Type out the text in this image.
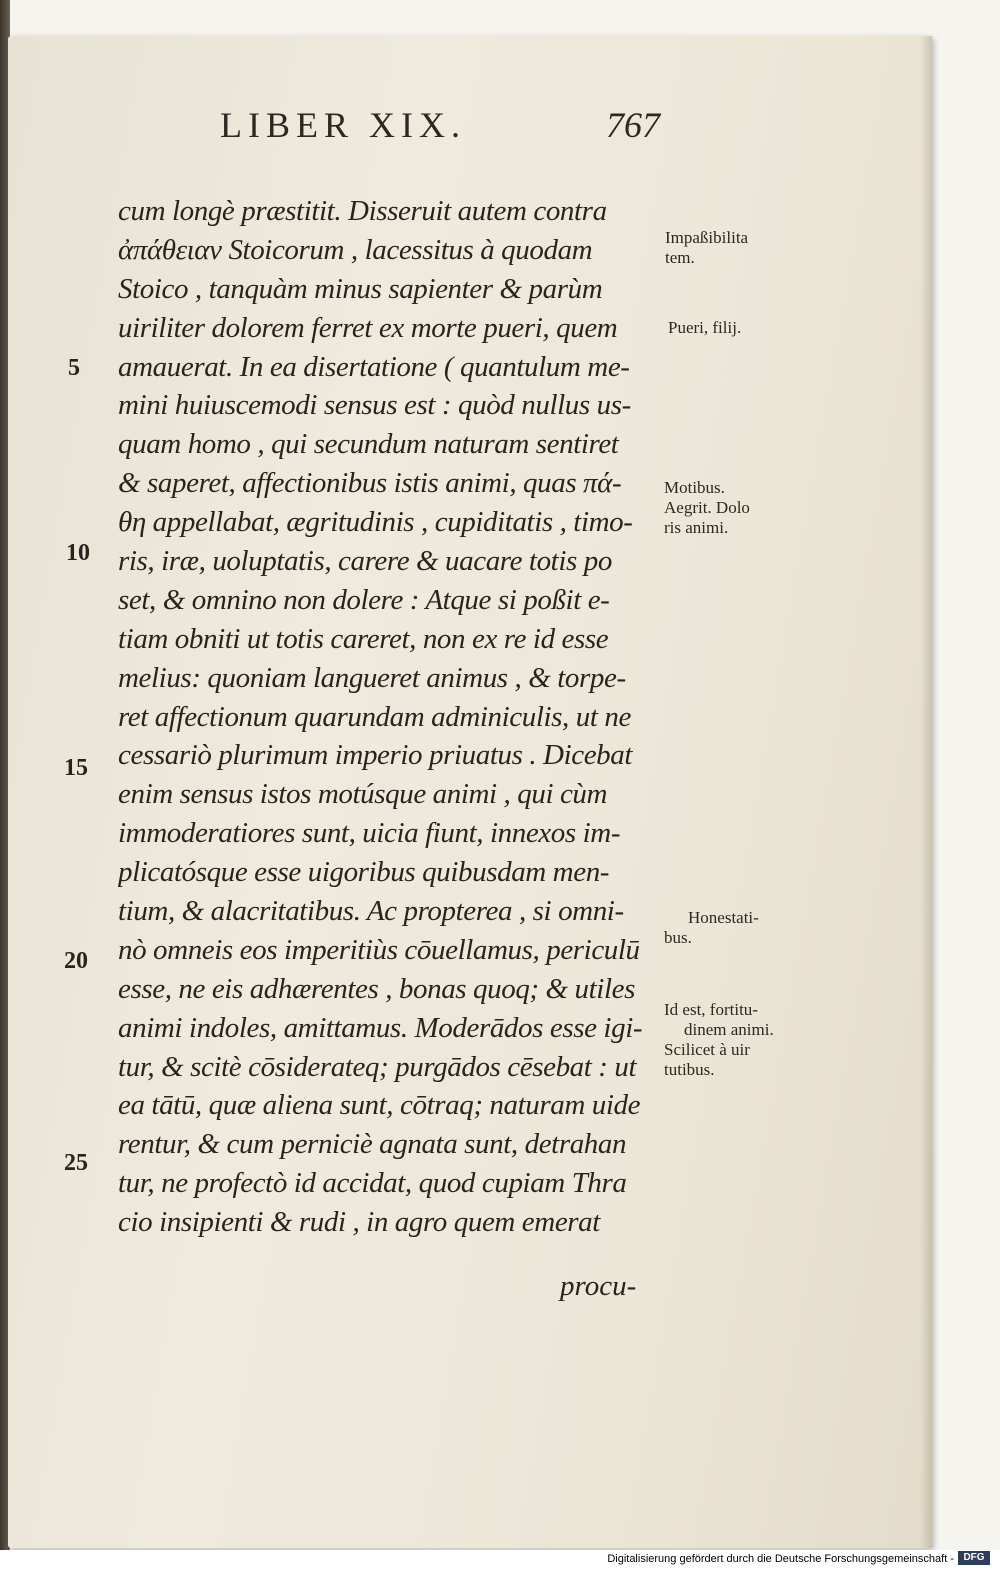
LIBER XIX.	767
cum longè præstitit. Disseruit autem contra
ἀπάθειαν Stoicorum , lacessitus à quodam
Stoico , tanquàm minus sapienter & parùm
uiriliter dolorem ferret ex morte pueri, quem
amauerat. In ea disertatione ( quantulum me-
mini huiuscemodi sensus est : quòd nullus us-
quam homo , qui secundum naturam sentiret
& saperet, affectionibus istis animi, quas πά-
θη appellabat, ægritudinis , cupiditatis , timo-
ris, iræ, uoluptatis, carere & uacare totis po
set, & omnino non dolere : Atque si poßit e-
tiam obniti ut totis careret, non ex re id esse
melius: quoniam langueret animus , & torpe-
ret affectionum quarundam adminiculis, ut ne
cessariò plurimum imperio priuatus . Dicebat
enim sensus istos motúsque animi , qui cùm
immoderatiores sunt, uicia fiunt, innexos im-
plicatósque esse uigoribus quibusdam men-
tium, & alacritatibus. Ac propterea , si omni-
nò omneis eos imperitiùs cōuellamus, periculū
esse, ne eis adhærentes , bonas quoq; & utiles
animi indoles, amittamus. Moderādos esse igi-
tur, & scitè cōsiderateq; purgādos cēsebat : ut
ea tātū, quæ aliena sunt, cōtraq; naturam uide
rentur, & cum perniciè agnata sunt, detrahan
tur, ne profectò id accidat, quod cupiam Thra
cio insipienti & rudi , in agro quem emerat
procu-
5
10
15
20
25
Impaßibilita
tem.
Pueri, filij.
Motibus.
Aegrit. Dolo
ris animi.
Honestati-
bus.
Id est, fortitu-
dinem animi.
Scilicet à uir
tutibus.
Digitalisierung gefördert durch die Deutsche Forschungsgemeinschaft - DFG
